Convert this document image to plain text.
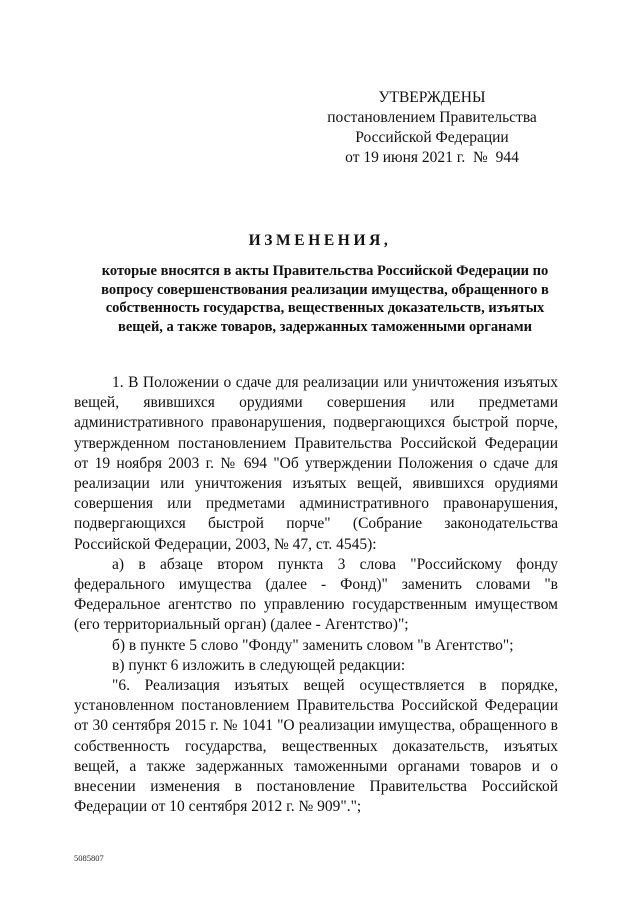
УТВЕРЖДЕНЫ
постановлением Правительства
Российской Федерации
от 19 июня 2021 г.  №  944
ИЗМЕНЕНИЯ,
которые вносятся в акты Правительства Российской Федерации по вопросу совершенствования реализации имущества, обращенного в собственность государства, вещественных доказательств, изъятых вещей, а также товаров, задержанных таможенными органами

1. В Положении о сдаче для реализации или уничтожения изъятых вещей, явившихся орудиями совершения или предметами административного правонарушения, подвергающихся быстрой порче, утвержденном постановлением Правительства Российской Федерации от 19 ноября 2003 г. № 694 "Об утверждении Положения о сдаче для реализации или уничтожения изъятых вещей, явившихся орудиями совершения или предметами административного правонарушения, подвергающихся быстрой порче" (Собрание законодательства Российской Федерации, 2003, № 47, ст. 4545):

а) в абзаце втором пункта 3 слова "Российскому фонду федерального имущества (далее - Фонд)" заменить словами "в Федеральное агентство по управлению государственным имуществом (его территориальный орган) (далее - Агентство)";

б) в пункте 5 слово "Фонду" заменить словом "в Агентство";

в) пункт 6 изложить в следующей редакции:

"6. Реализация изъятых вещей осуществляется в порядке, установленном постановлением Правительства Российской Федерации от 30 сентября 2015 г. № 1041 "О реализации имущества, обращенного в собственность государства, вещественных доказательств, изъятых вещей, а также задержанных таможенными органами товаров и о внесении изменения в постановление Правительства Российской Федерации от 10 сентября 2012 г. № 909".";

5085807
